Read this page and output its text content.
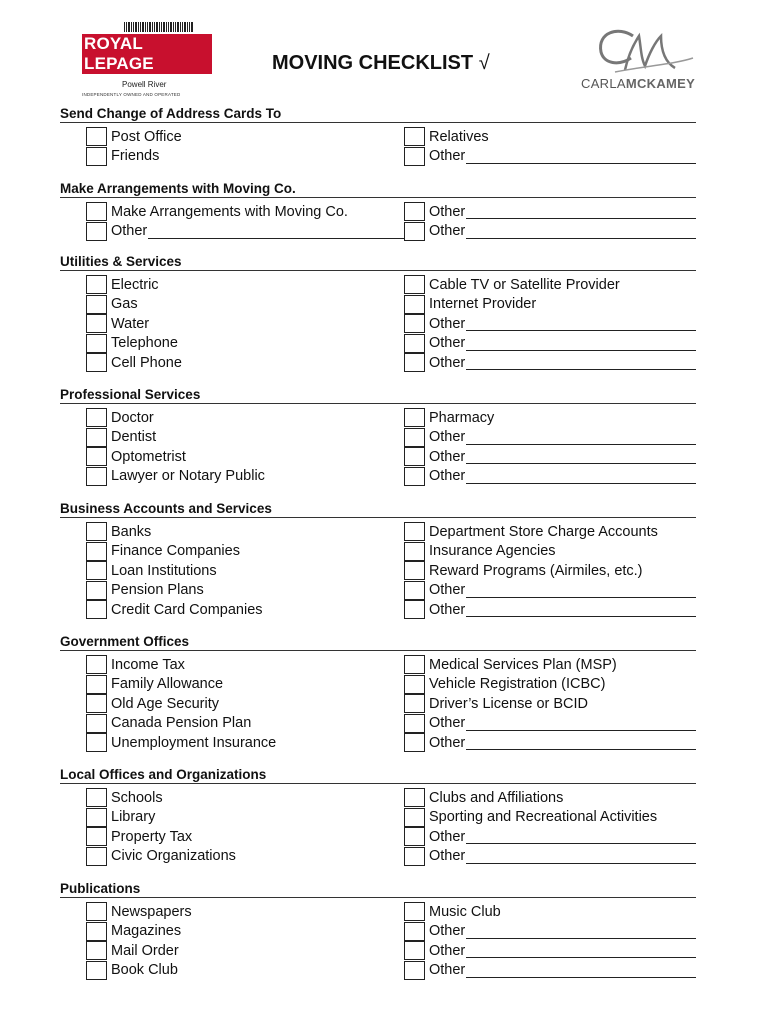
ROYAL LEPAGE
Powell River
INDEPENDENTLY OWNED AND OPERATED
MOVING CHECKLIST √
CARLAMCKAMEY
Send Change of Address Cards To
Post Office
Friends
Relatives
Other
Make Arrangements with Moving Co.
Make Arrangements with Moving Co.
Other
Other
Other
Utilities & Services
Electric
Gas
Water
Telephone
Cell Phone
Cable TV or Satellite Provider
Internet Provider
Other
Other
Other
Professional Services
Doctor
Dentist
Optometrist
Lawyer or Notary Public
Pharmacy
Other
Other
Other
Business Accounts and Services
Banks
Finance Companies
Loan Institutions
Pension Plans
Credit Card Companies
Department Store Charge Accounts
Insurance Agencies
Reward Programs (Airmiles, etc.)
Other
Other
Government Offices
Income Tax
Family Allowance
Old Age Security
Canada Pension Plan
Unemployment Insurance
Medical Services Plan (MSP)
Vehicle Registration (ICBC)
Driver’s License or BCID
Other
Other
Local Offices and Organizations
Schools
Library
Property Tax
Civic Organizations
Clubs and Affiliations
Sporting and Recreational Activities
Other
Other
Publications
Newspapers
Magazines
Mail Order
Book Club
Music Club
Other
Other
Other
